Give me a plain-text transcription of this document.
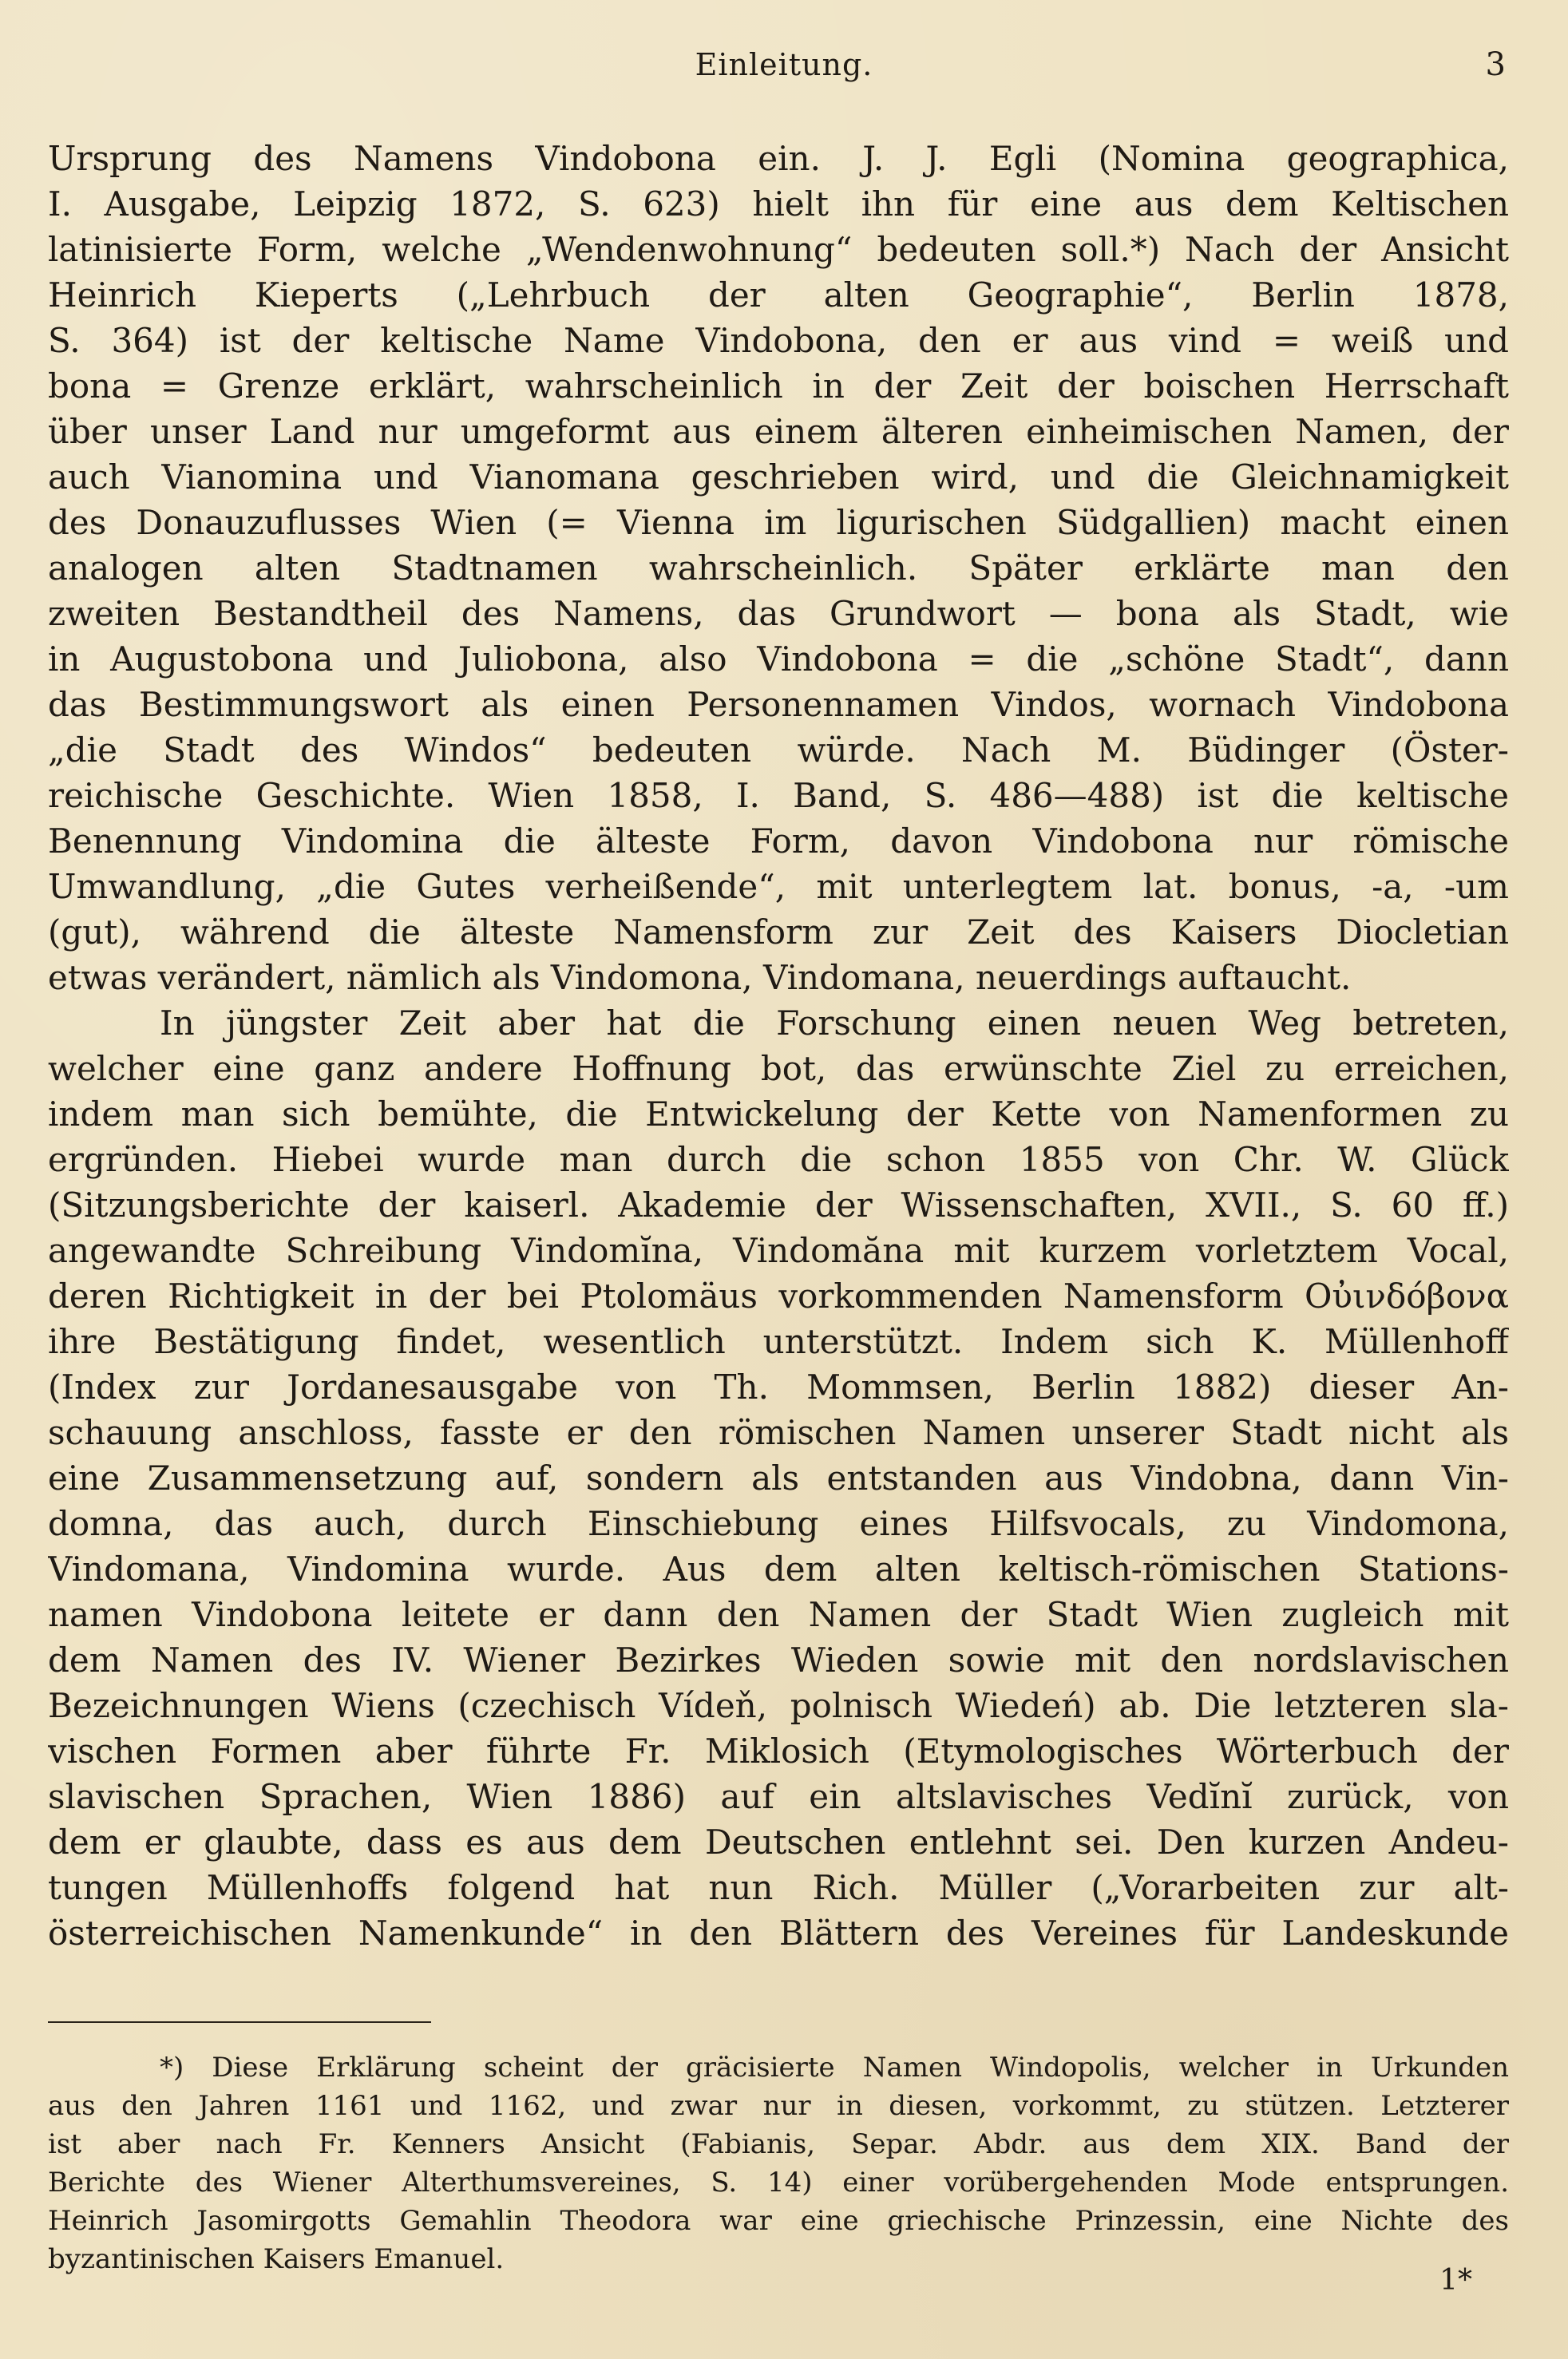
Einleitung.	3
Ursprung des Namens Vindobona ein. J. J. Egli (Nomina geographica,
I. Ausgabe, Leipzig 1872, S. 623) hielt ihn für eine aus dem Keltischen
latinisierte Form, welche „Wendenwohnung“ bedeuten soll.*) Nach der Ansicht
Heinrich Kieperts („Lehrbuch der alten Geographie“, Berlin 1878,
S. 364) ist der keltische Name Vindobona, den er aus vind = weiß und
bona = Grenze erklärt, wahrscheinlich in der Zeit der boischen Herrschaft
über unser Land nur umgeformt aus einem älteren einheimischen Namen, der
auch Vianomina und Vianomana geschrieben wird, und die Gleichnamigkeit
des Donauzuflusses Wien (= Vienna im ligurischen Südgallien) macht einen
analogen alten Stadtnamen wahrscheinlich. Später erklärte man den
zweiten Bestandtheil des Namens, das Grundwort — bona als Stadt, wie
in Augustobona und Juliobona, also Vindobona = die „schöne Stadt“, dann
das Bestimmungswort als einen Personennamen Vindos, wornach Vindobona
„die Stadt des Windos“ bedeuten würde. Nach M. Büdinger (Öster-
reichische Geschichte. Wien 1858, I. Band, S. 486—488) ist die keltische
Benennung Vindomina die älteste Form, davon Vindobona nur römische
Umwandlung, „die Gutes verheißende“, mit unterlegtem lat. bonus, -a, -um
(gut), während die älteste Namensform zur Zeit des Kaisers Diocletian
etwas verändert, nämlich als Vindomona, Vindomana, neuerdings auftaucht.
In jüngster Zeit aber hat die Forschung einen neuen Weg betreten,
welcher eine ganz andere Hoffnung bot, das erwünschte Ziel zu erreichen,
indem man sich bemühte, die Entwickelung der Kette von Namenformen zu
ergründen. Hiebei wurde man durch die schon 1855 von Chr. W. Glück
(Sitzungsberichte der kaiserl. Akademie der Wissenschaften, XVII., S. 60 ff.)
angewandte Schreibung Vindomĭna, Vindomăna mit kurzem vorletztem Vocal,
deren Richtigkeit in der bei Ptolomäus vorkommenden Namensform Οὐινδόβονα
ihre Bestätigung findet, wesentlich unterstützt. Indem sich K. Müllenhoff
(Index zur Jordanesausgabe von Th. Mommsen, Berlin 1882) dieser An-
schauung anschloss, fasste er den römischen Namen unserer Stadt nicht als
eine Zusammensetzung auf, sondern als entstanden aus Vindobna, dann Vin-
domna, das auch, durch Einschiebung eines Hilfsvocals, zu Vindomona,
Vindomana, Vindomina wurde. Aus dem alten keltisch-römischen Stations-
namen Vindobona leitete er dann den Namen der Stadt Wien zugleich mit
dem Namen des IV. Wiener Bezirkes Wieden sowie mit den nordslavischen
Bezeichnungen Wiens (czechisch Vídeň, polnisch Wiedeń) ab. Die letzteren sla-
vischen Formen aber führte Fr. Miklosich (Etymologisches Wörterbuch der
slavischen Sprachen, Wien 1886) auf ein altslavisches Vedĭnĭ zurück, von
dem er glaubte, dass es aus dem Deutschen entlehnt sei. Den kurzen Andeu-
tungen Müllenhoffs folgend hat nun Rich. Müller („Vorarbeiten zur alt-
österreichischen Namenkunde“ in den Blättern des Vereines für Landeskunde
*) Diese Erklärung scheint der gräcisierte Namen Windopolis, welcher in Urkunden
aus den Jahren 1161 und 1162, und zwar nur in diesen, vorkommt, zu stützen. Letzterer
ist aber nach Fr. Kenners Ansicht (Fabianis, Separ. Abdr. aus dem XIX. Band der
Berichte des Wiener Alterthumsvereines, S. 14) einer vorübergehenden Mode entsprungen.
Heinrich Jasomirgotts Gemahlin Theodora war eine griechische Prinzessin, eine Nichte des
byzantinischen Kaisers Emanuel.
1*
